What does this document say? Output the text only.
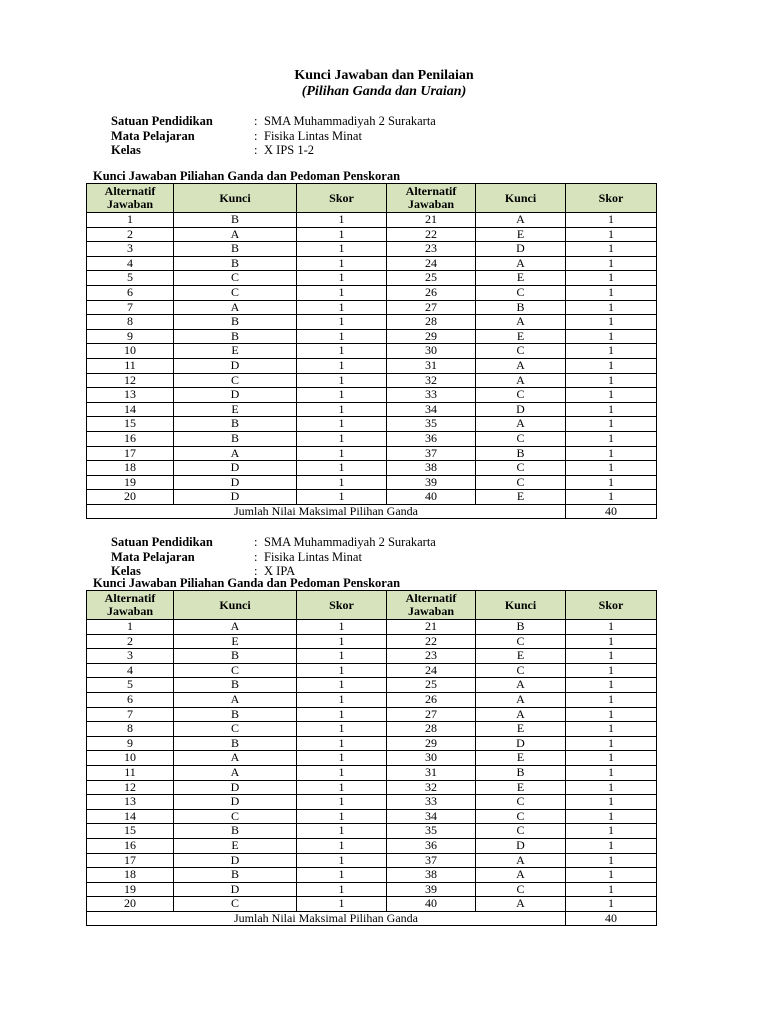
Kunci Jawaban dan Penilaian
(Pilihan Ganda dan Uraian)
Satuan Pendidikan	: SMA Muhammadiyah 2 Surakarta
Mata Pelajaran	: Fisika Lintas Minat
Kelas	: X IPS 1-2
Kunci Jawaban Piliahan Ganda dan Pedoman Penskoran
Alternatif Jawaban	Kunci	Skor	Alternatif Jawaban	Kunci	Skor
1	B	1	21	A	1
2	A	1	22	E	1
3	B	1	23	D	1
4	B	1	24	A	1
5	C	1	25	E	1
6	C	1	26	C	1
7	A	1	27	B	1
8	B	1	28	A	1
9	B	1	29	E	1
10	E	1	30	C	1
11	D	1	31	A	1
12	C	1	32	A	1
13	D	1	33	C	1
14	E	1	34	D	1
15	B	1	35	A	1
16	B	1	36	C	1
17	A	1	37	B	1
18	D	1	38	C	1
19	D	1	39	C	1
20	D	1	40	E	1
Jumlah Nilai Maksimal Pilihan Ganda					40
Satuan Pendidikan	: SMA Muhammadiyah 2 Surakarta
Mata Pelajaran	: Fisika Lintas Minat
Kelas	: X IPA
Kunci Jawaban Piliahan Ganda dan Pedoman Penskoran
Alternatif Jawaban	Kunci	Skor	Alternatif Jawaban	Kunci	Skor
1	A	1	21	B	1
2	E	1	22	C	1
3	B	1	23	E	1
4	C	1	24	C	1
5	B	1	25	A	1
6	A	1	26	A	1
7	B	1	27	A	1
8	C	1	28	E	1
9	B	1	29	D	1
10	A	1	30	E	1
11	A	1	31	B	1
12	D	1	32	E	1
13	D	1	33	C	1
14	C	1	34	C	1
15	B	1	35	C	1
16	E	1	36	D	1
17	D	1	37	A	1
18	B	1	38	A	1
19	D	1	39	C	1
20	C	1	40	A	1
Jumlah Nilai Maksimal Pilihan Ganda					40
